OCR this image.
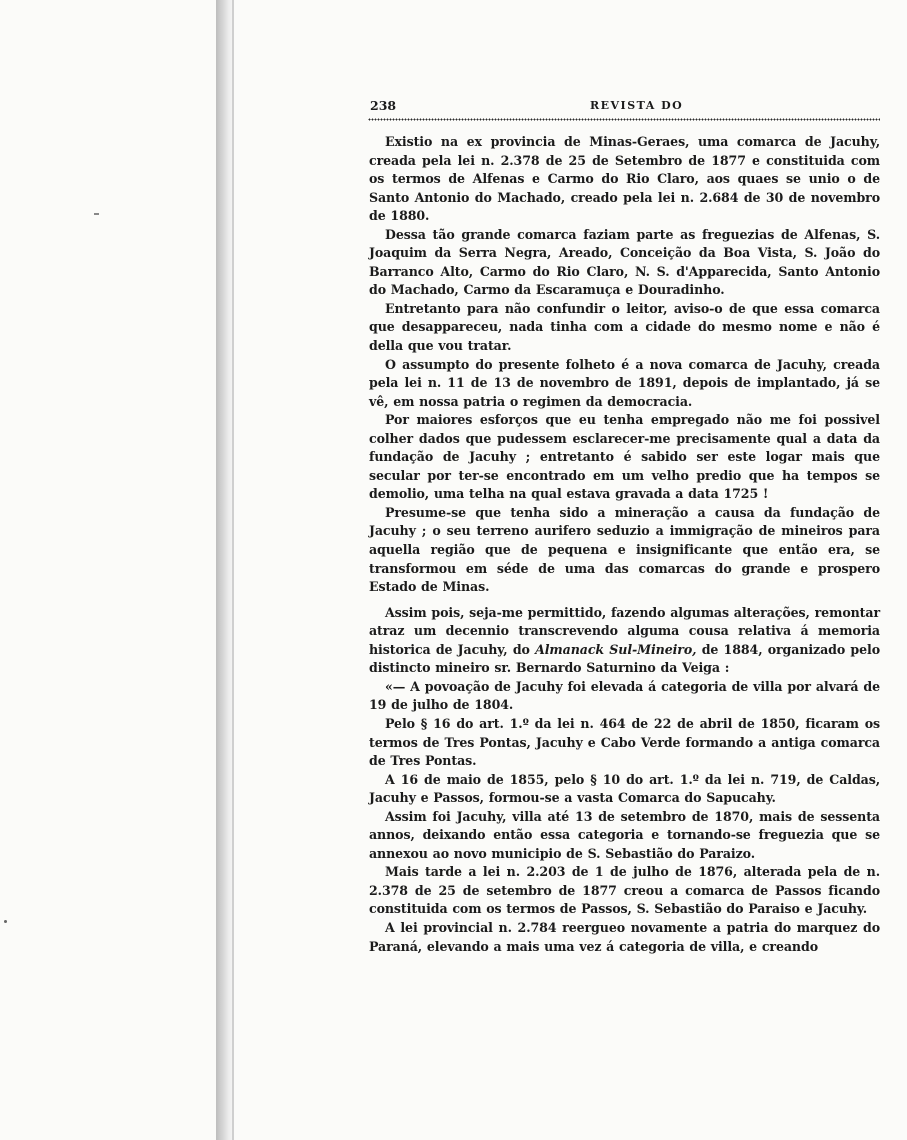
238	REVISTA DO

Existio na ex provincia de Minas-Geraes, uma comarca de Jacuhy, creada pela lei n. 2.378 de 25 de Setembro de 1877 e constituida com os termos de Alfenas e Carmo do Rio Claro, aos quaes se unio o de Santo Antonio do Machado, creado pela lei n. 2.684 de 30 de novembro de 1880.

Dessa tão grande comarca faziam parte as freguezias de Alfenas, S. Joaquim da Serra Negra, Areado, Conceição da Boa Vista, S. João do Barranco Alto, Carmo do Rio Claro, N. S. d'Apparecida, Santo Antonio do Machado, Carmo da Escaramuça e Douradinho.

Entretanto para não confundir o leitor, aviso-o de que essa comarca que desappareceu, nada tinha com a cidade do mesmo nome e não é della que vou tratar.

O assumpto do presente folheto é a nova comarca de Jacuhy, creada pela lei n. 11 de 13 de novembro de 1891, depois de implantado, já se vê, em nossa patria o regimen da democracia.

Por maiores esforços que eu tenha empregado não me foi possivel colher dados que pudessem esclarecer-me precisamente qual a data da fundação de Jacuhy ; entretanto é sabido ser este logar mais que secular por ter-se encontrado em um velho predio que ha tempos se demolio, uma telha na qual estava gravada a data 1725 !

Presume-se que tenha sido a mineração a causa da fundação de Jacuhy ; o seu terreno aurifero seduzio a immigração de mineiros para aquella região que de pequena e insignificante que então era, se transformou em séde de uma das comarcas do grande e prospero Estado de Minas.

Assim pois, seja-me permittido, fazendo algumas alterações, remontar atraz um decennio transcrevendo alguma cousa relativa á memoria historica de Jacuhy, do Almanack Sul-Mineiro, de 1884, organizado pelo distincto mineiro sr. Bernardo Saturnino da Veiga :

«— A povoação de Jacuhy foi elevada á categoria de villa por alvará de 19 de julho de 1804.

Pelo § 16 do art. 1.º da lei n. 464 de 22 de abril de 1850, ficaram os termos de Tres Pontas, Jacuhy e Cabo Verde formando a antiga comarca de Tres Pontas.

A 16 de maio de 1855, pelo § 10 do art. 1.º da lei n. 719, de Caldas, Jacuhy e Passos, formou-se a vasta Comarca do Sapucahy.

Assim foi Jacuhy, villa até 13 de setembro de 1870, mais de sessenta annos, deixando então essa categoria e tornando-se freguezia que se annexou ao novo municipio de S. Sebastião do Paraizo.

Mais tarde a lei n. 2.203 de 1 de julho de 1876, alterada pela de n. 2.378 de 25 de setembro de 1877 creou a comarca de Passos ficando constituida com os termos de Passos, S. Sebastião do Paraiso e Jacuhy.

A lei provincial n. 2.784 reergueo novamente a patria do marquez do Paraná, elevando a mais uma vez á categoria de villa, e creando
